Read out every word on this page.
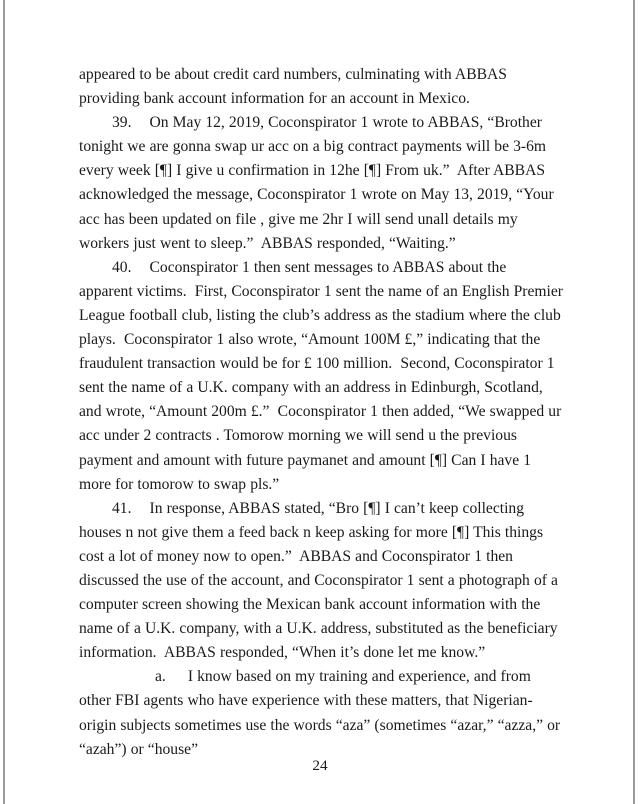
appeared to be about credit card numbers, culminating with ABBAS providing bank account information for an account in Mexico.

39. On May 12, 2019, Coconspirator 1 wrote to ABBAS, “Brother tonight we are gonna swap ur acc on a big contract payments will be 3-6m every week [¶] I give u confirmation in 12he [¶] From uk.”  After ABBAS acknowledged the message, Coconspirator 1 wrote on May 13, 2019, “Your acc has been updated on file , give me 2hr I will send unall details my workers just went to sleep.”  ABBAS responded, “Waiting.”

40. Coconspirator 1 then sent messages to ABBAS about the apparent victims.  First, Coconspirator 1 sent the name of an English Premier League football club, listing the club’s address as the stadium where the club plays.  Coconspirator 1 also wrote, “Amount 100M £,” indicating that the fraudulent transaction would be for £ 100 million.  Second, Coconspirator 1 sent the name of a U.K. company with an address in Edinburgh, Scotland, and wrote, “Amount 200m £.”  Coconspirator 1 then added, “We swapped ur acc under 2 contracts . Tomorow morning we will send u the previous payment and amount with future paymanet and amount [¶] Can I have 1 more for tomorow to swap pls.”

41. In response, ABBAS stated, “Bro [¶] I can’t keep collecting houses n not give them a feed back n keep asking for more [¶] This things cost a lot of money now to open.”  ABBAS and Coconspirator 1 then discussed the use of the account, and Coconspirator 1 sent a photograph of a computer screen showing the Mexican bank account information with the name of a U.K. company, with a U.K. address, substituted as the beneficiary information.  ABBAS responded, “When it’s done let me know.”

a. I know based on my training and experience, and from other FBI agents who have experience with these matters, that Nigerian-origin subjects sometimes use the words “aza” (sometimes “azar,” “azza,” or “azah”) or “house”

24
